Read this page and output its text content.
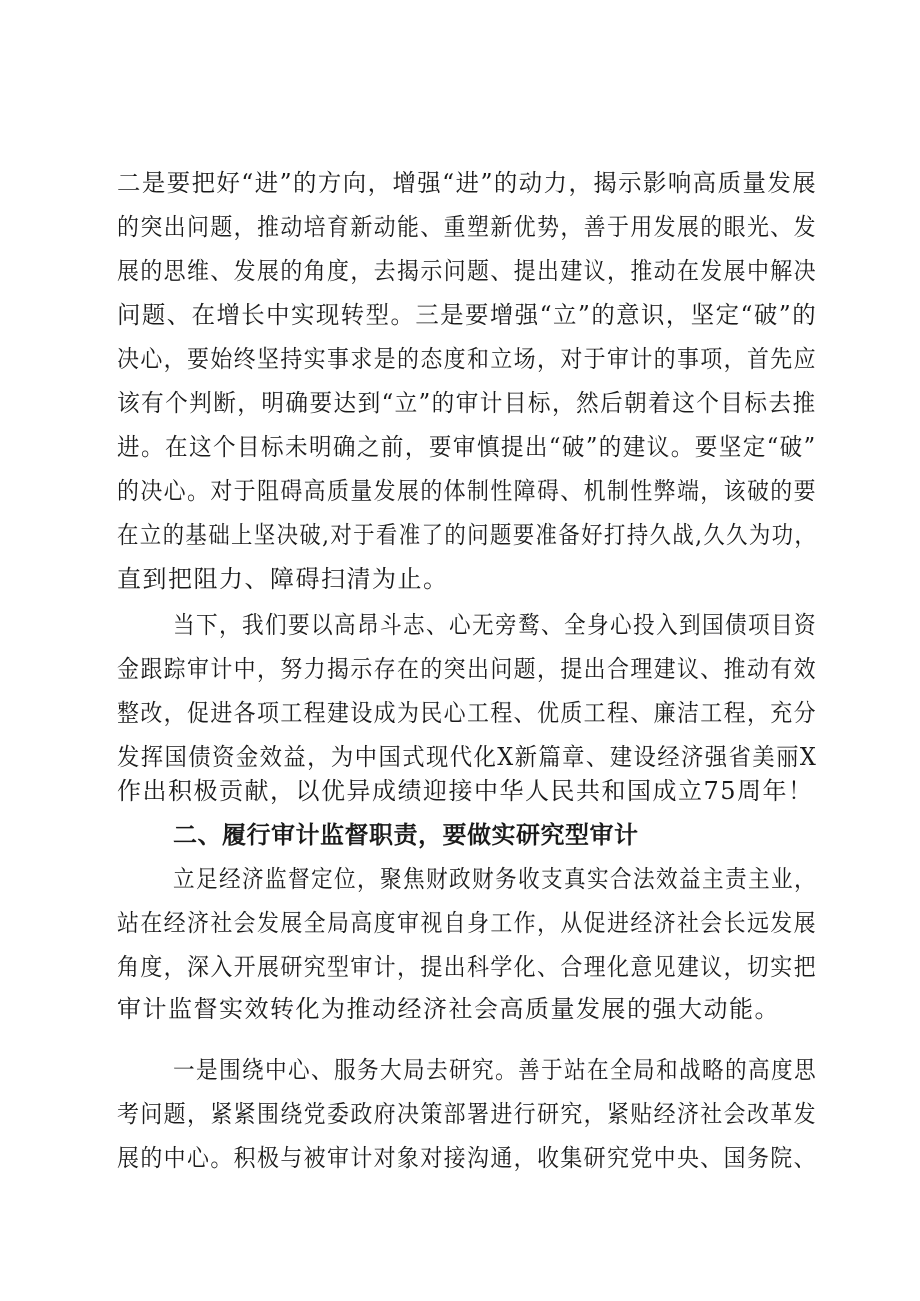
二是要把好“进”的方向，增强“进”的动力，揭示影响高质量发展
的突出问题，推动培育新动能、重塑新优势，善于用发展的眼光、发
展的思维、发展的角度，去揭示问题、提出建议，推动在发展中解决
问题、在增长中实现转型。三是要增强“立”的意识，坚定“破”的
决心，要始终坚持实事求是的态度和立场，对于审计的事项，首先应
该有个判断，明确要达到“立”的审计目标，然后朝着这个目标去推
进。在这个目标未明确之前，要审慎提出“破”的建议。要坚定“破”
的决心。对于阻碍高质量发展的体制性障碍、机制性弊端，该破的要
在立的基础上坚决破,对于看准了的问题要准备好打持久战,久久为功，
直到把阻力、障碍扫清为止。
当下，我们要以高昂斗志、心无旁鹜、全身心投入到国债项目资
金跟踪审计中，努力揭示存在的突出问题，提出合理建议、推动有效
整改，促进各项工程建设成为民心工程、优质工程、廉洁工程，充分
发挥国债资金效益，为中国式现代化X新篇章、建设经济强省美丽X
作出积极贡献，以优异成绩迎接中华人民共和国成立75周年！
二、履行审计监督职责，要做实研究型审计
立足经济监督定位，聚焦财政财务收支真实合法效益主责主业，
站在经济社会发展全局高度审视自身工作，从促进经济社会长远发展
角度，深入开展研究型审计，提出科学化、合理化意见建议，切实把
审计监督实效转化为推动经济社会高质量发展的强大动能。
一是围绕中心、服务大局去研究。善于站在全局和战略的高度思
考问题，紧紧围绕党委政府决策部署进行研究，紧贴经济社会改革发
展的中心。积极与被审计对象对接沟通，收集研究党中央、国务院、
